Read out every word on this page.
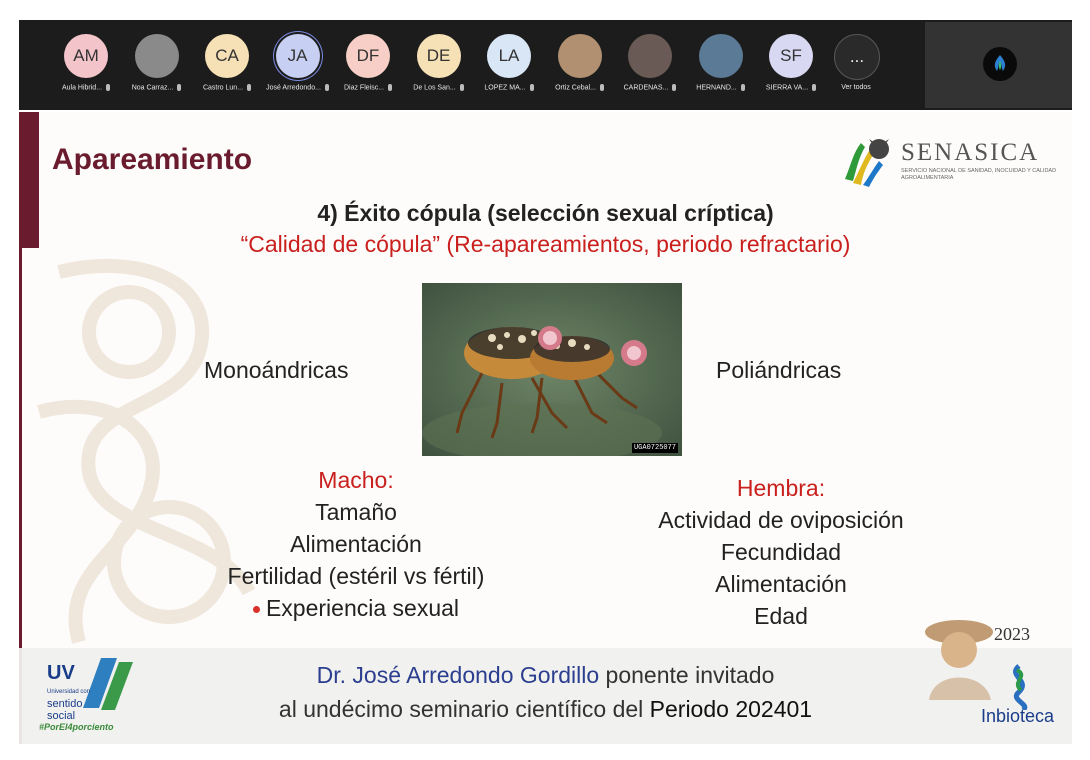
AM
Aula Hibrid...	Noa Carraz...
CA
Castro Lun...
JA
José Arredondo...
DF
Diaz Fleisc...
DE
De Los San...
LA
LOPEZ MA...	Ortiz Cebal...	CARDENAS...	HERNAND...
SF
SIERRA VA...
...
Ver todos
Apareamiento	SENASICA
SERVICIO NACIONAL DE SANIDAD, INOCUIDAD Y CALIDAD AGROALIMENTARIA
4) Éxito cópula (selección sexual críptica)
“Calidad de cópula” (Re-apareamientos, periodo refractario)
Monoándricas	Poliándricas
UGA0725077
Macho:
Tamaño
Alimentación
Fertilidad (estéril vs fértil)
Experiencia sexual
Hembra:
Actividad de oviposición
Fecundidad
Alimentación
Edad
UV
Universidad con
sentido
social
#PorEl4porciento
Dr. José Arredondo Gordillo ponente invitado
al undécimo seminario científico del Periodo 202401
2023
Inbioteca
